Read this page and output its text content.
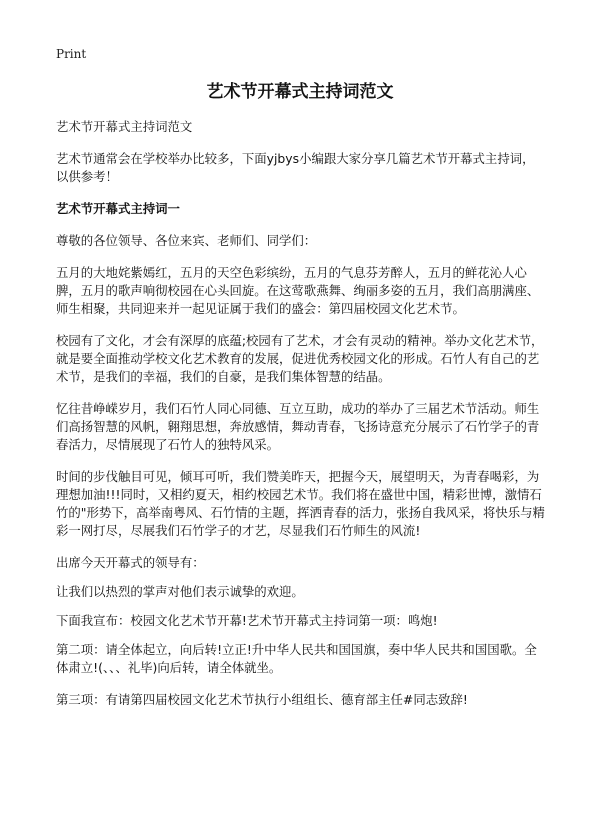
Print
艺术节开幕式主持词范文

艺术节开幕式主持词范文

艺术节通常会在学校举办比较多，下面yjbys小编跟大家分享几篇艺术节开幕式主持词，以供参考！

艺术节开幕式主持词一

尊敬的各位领导、各位来宾、老师们、同学们：

五月的大地姹紫嫣红，五月的天空色彩缤纷，五月的气息芬芳醉人，五月的鲜花沁人心脾，五月的歌声响彻校园在心头回旋。在这莺歌燕舞、绚丽多姿的五月，我们高朋满座、师生相聚，共同迎来并一起见证属于我们的盛会：第四届校园文化艺术节。

校园有了文化，才会有深厚的底蕴;校园有了艺术，才会有灵动的精神。举办文化艺术节，就是要全面推动学校文化艺术教育的发展，促进优秀校园文化的形成。石竹人有自己的艺术节，是我们的幸福，我们的自豪，是我们集体智慧的结晶。

忆往昔峥嵘岁月，我们石竹人同心同德、互立互助，成功的举办了三届艺术节活动。师生们高扬智慧的风帆，翱翔思想，奔放感情，舞动青春，飞扬诗意充分展示了石竹学子的青春活力，尽情展现了石竹人的独特风采。

时间的步伐触目可见，倾耳可听，我们赞美昨天，把握今天，展望明天，为青春喝彩，为理想加油!!!同时，又相约夏天，相约校园艺术节。我们将在盛世中国，精彩世博，激情石竹的"形势下，高举南粤风、石竹情的主题，挥洒青春的活力，张扬自我风采，将快乐与精彩一网打尽，尽展我们石竹学子的才艺，尽显我们石竹师生的风流!

出席今天开幕式的领导有：

让我们以热烈的掌声对他们表示诚挚的欢迎。

下面我宣布：校园文化艺术节开幕!艺术节开幕式主持词第一项：鸣炮!

第二项：请全体起立，向后转!立正!升中华人民共和国国旗，奏中华人民共和国国歌。全体肃立!(、、、礼毕)向后转，请全体就坐。

第三项：有请第四届校园文化艺术节执行小组组长、德育部主任#同志致辞!
